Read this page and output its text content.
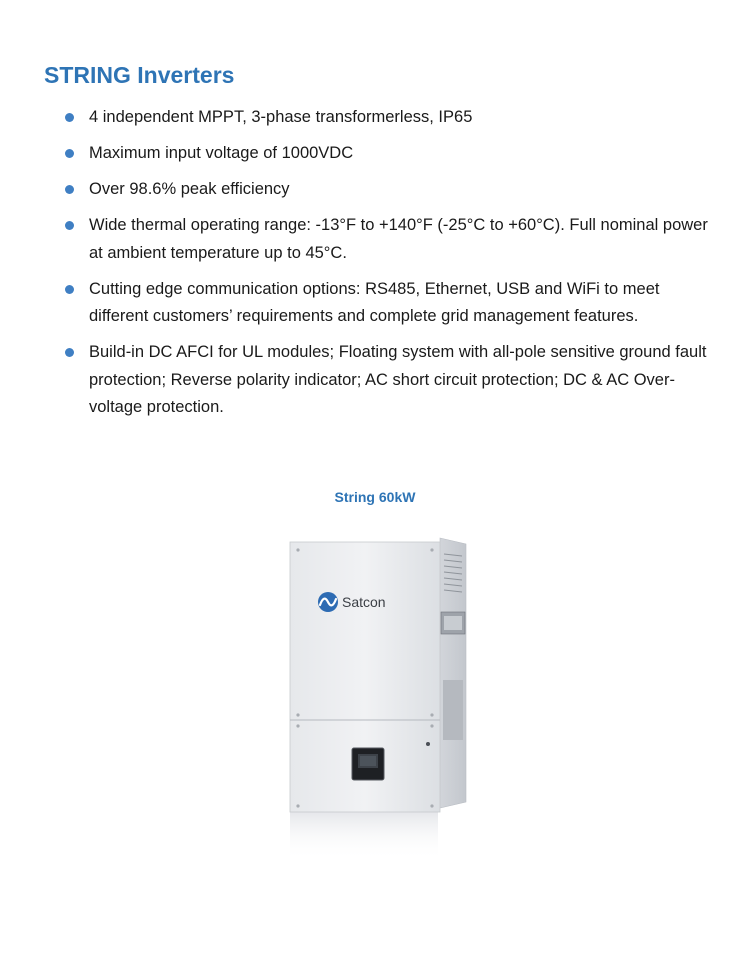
STRING Inverters
4 independent MPPT, 3-phase transformerless, IP65
Maximum input voltage of 1000VDC
Over 98.6% peak efficiency
Wide thermal operating range: -13°F to +140°F (-25°C to +60°C). Full nominal power at ambient temperature up to 45°C.
Cutting edge communication options: RS485, Ethernet, USB and WiFi to meet different customers’ requirements and complete grid management features.
Build-in DC AFCI for UL modules; Floating system with all-pole sensitive ground fault protection; Reverse polarity indicator; AC short circuit protection; DC & AC Over-voltage protection.
String 60kW
Satcon
